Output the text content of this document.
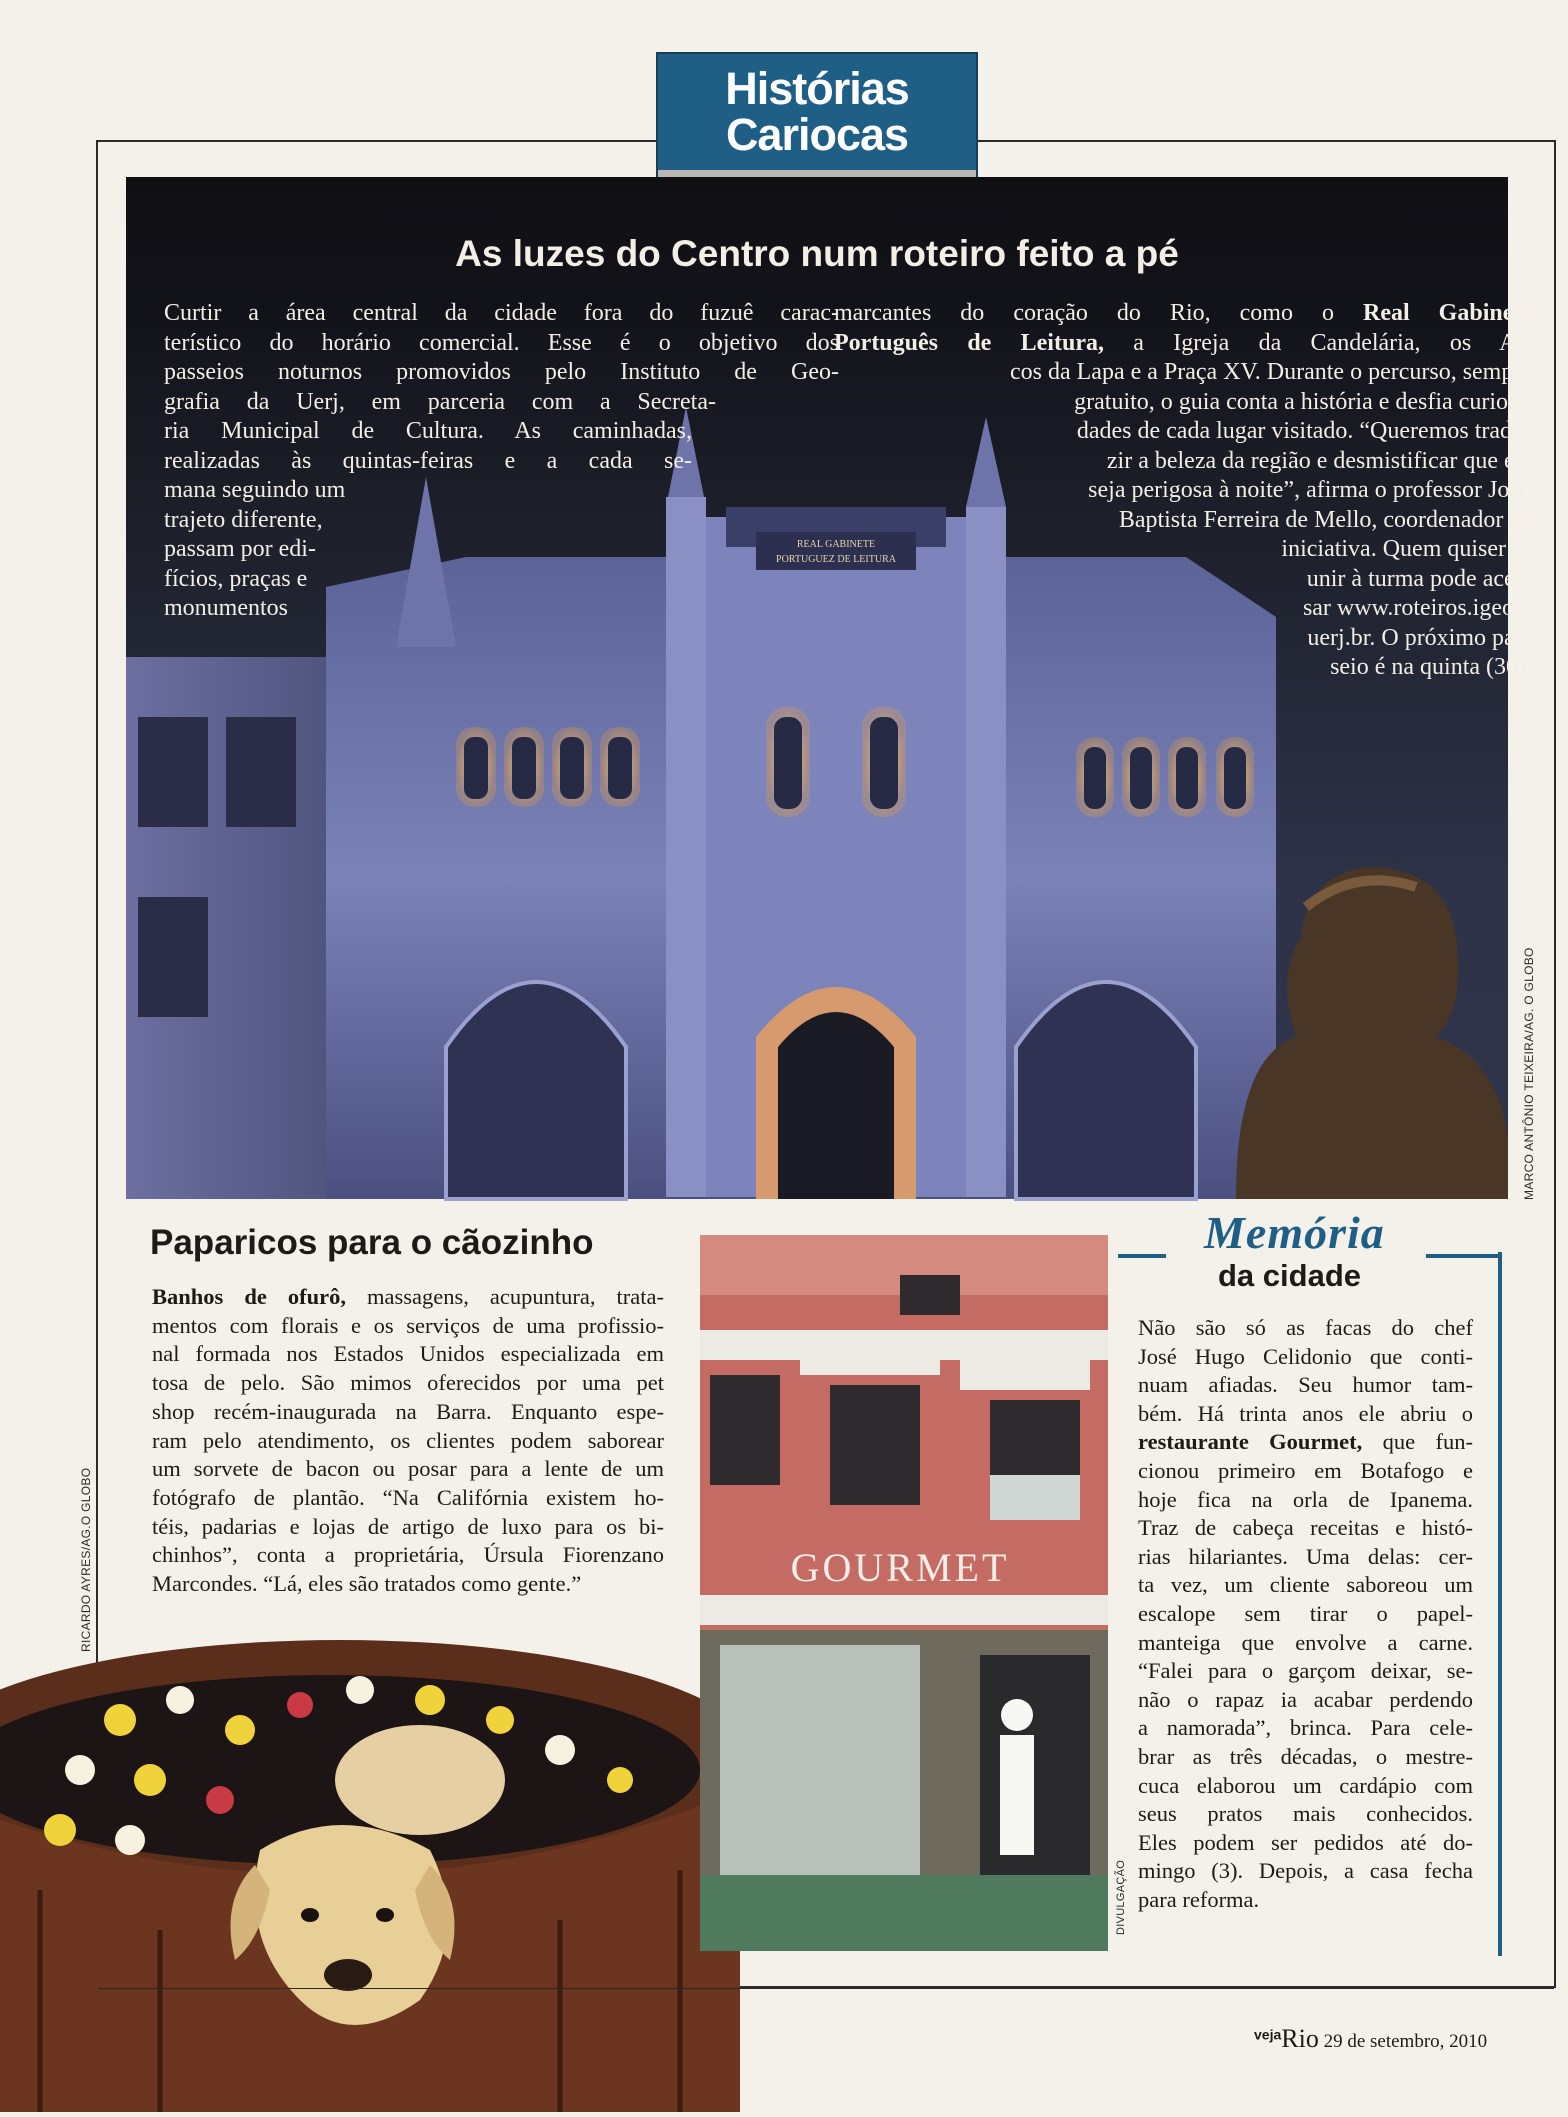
Histórias
Cariocas
REAL GABINETE
PORTUGUEZ DE LEITURA
As luzes do Centro num roteiro feito a pé
Curtir a área central da cidade fora do fuzuê carac-
terístico do horário comercial. Esse é o objetivo dos
passeios noturnos promovidos pelo Instituto de Geo-
grafia da Uerj, em parceria com a Secreta-
ria Municipal de Cultura. As caminhadas,
realizadas às quintas-feiras e a cada se-
mana seguindo um
trajeto diferente,
passam por edi-
fícios, praças e
monumentos
marcantes do coração do Rio, como o Real Gabinete
Português de Leitura, a Igreja da Candelária, os Ar-
cos da Lapa e a Praça XV. Durante o percurso, sempre
gratuito, o guia conta a história e desfia curiosi-
dades de cada lugar visitado. “Queremos tradu-
zir a beleza da região e desmistificar que ela
seja perigosa à noite”, afirma o professor João
Baptista Ferreira de Mello, coordenador da
iniciativa. Quem quiser se
unir à turma pode aces-
sar www.roteiros.igeog.
uerj.br. O próximo pas-
seio é na quinta (30).
MARCO ANTÔNIO TEIXEIRA/AG. O GLOBO
Paparicos para o cãozinho
Banhos de ofurô, massagens, acupuntura, trata-
mentos com florais e os serviços de uma profissio-
nal formada nos Estados Unidos especializada em
tosa de pelo. São mimos oferecidos por uma pet
shop recém-inaugurada na Barra. Enquanto espe-
ram pelo atendimento, os clientes podem saborear
um sorvete de bacon ou posar para a lente de um
fotógrafo de plantão. “Na Califórnia existem ho-
téis, padarias e lojas de artigo de luxo para os bi-
chinhos”, conta a proprietária, Úrsula Fiorenzano
Marcondes. “Lá, eles são tratados como gente.”
RICARDO AYRES/AG.O GLOBO	GOURMET
DIVULGAÇÃO
Memória
da cidade
Não são só as facas do chef
José Hugo Celidonio que conti-
nuam afiadas. Seu humor tam-
bém. Há trinta anos ele abriu o
restaurante Gourmet, que fun-
cionou primeiro em Botafogo e
hoje fica na orla de Ipanema.
Traz de cabeça receitas e histó-
rias hilariantes. Uma delas: cer-
ta vez, um cliente saboreou um
escalope sem tirar o papel-
manteiga que envolve a carne.
“Falei para o garçom deixar, se-
não o rapaz ia acabar perdendo
a namorada”, brinca. Para cele-
brar as três décadas, o mestre-
cuca elaborou um cardápio com
seus pratos mais conhecidos.
Eles podem ser pedidos até do-
mingo (3). Depois, a casa fecha
para reforma.
$^{veja}$Rio 29 de setembro, 2010
